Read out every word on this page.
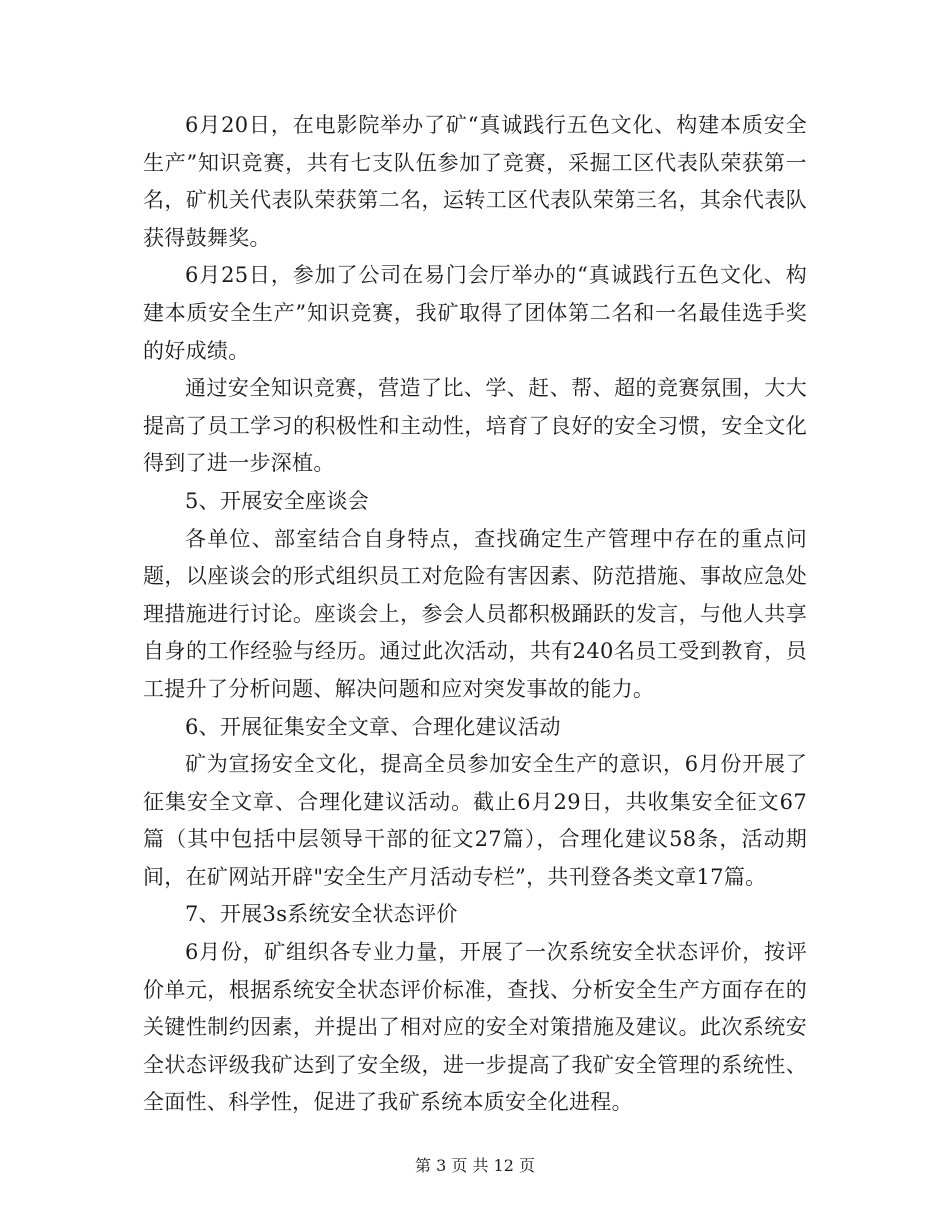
6月20日，在电影院举办了矿“真诚践行五色文化、构建本质安全生产”知识竞赛，共有七支队伍参加了竞赛，采掘工区代表队荣获第一名，矿机关代表队荣获第二名，运转工区代表队荣第三名，其余代表队获得鼓舞奖。

6月25日，参加了公司在易门会厅举办的“真诚践行五色文化、构建本质安全生产”知识竞赛，我矿取得了团体第二名和一名最佳选手奖的好成绩。

通过安全知识竞赛，营造了比、学、赶、帮、超的竞赛氛围，大大提高了员工学习的积极性和主动性，培育了良好的安全习惯，安全文化得到了进一步深植。

5、开展安全座谈会

各单位、部室结合自身特点，查找确定生产管理中存在的重点问题，以座谈会的形式组织员工对危险有害因素、防范措施、事故应急处理措施进行讨论。座谈会上，参会人员都积极踊跃的发言，与他人共享自身的工作经验与经历。通过此次活动，共有240名员工受到教育，员工提升了分析问题、解决问题和应对突发事故的能力。

6、开展征集安全文章、合理化建议活动

矿为宣扬安全文化，提高全员参加安全生产的意识，6月份开展了征集安全文章、合理化建议活动。截止6月29日，共收集安全征文67篇（其中包括中层领导干部的征文27篇），合理化建议58条，活动期间，在矿网站开辟"安全生产月活动专栏”，共刊登各类文章17篇。

7、开展3s系统安全状态评价

6月份，矿组织各专业力量，开展了一次系统安全状态评价，按评价单元，根据系统安全状态评价标准，查找、分析安全生产方面存在的关键性制约因素，并提出了相对应的安全对策措施及建议。此次系统安全状态评级我矿达到了安全级，进一步提高了我矿安全管理的系统性、全面性、科学性，促进了我矿系统本质安全化进程。

第 3 页 共 12 页
